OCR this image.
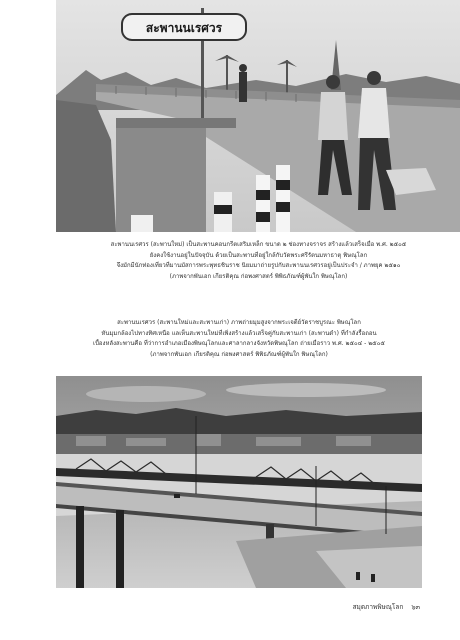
สะพานนเรศวร
สะพานนเรศวร (สะพานใหม่) เป็นสะพานคอนกรีตเสริมเหล็ก ขนาด ๒ ช่องทางจราจร สร้างแล้วเสร็จเมื่อ พ.ศ. ๒๕๐๕
ยังคงใช้งานอยู่ในปัจจุบัน ด้วยเป็นสะพานที่อยู่ใกล้กับวัดพระศรีรัตนมหาธาตุ พิษณุโลก
จึงมักมีนักท่องเที่ยวที่มานมัสการพระพุทธชินราช นิยมมาถ่ายรูปกับสะพานนเรศวรอยู่เป็นประจำ / ภาพยุค ๒๕๑๐
(ภาพจากพันเอก เกียรติคุณ ก่อพงศาสตร์ พิพิธภัณฑ์ผู้พันใก พิษณุโลก)
สะพานนเรศวร (สะพานใหม่และสะพานเก่า) ภาพถ่ายมุมสูงจากพระเจดีย์วัดราชบูรณะ พิษณุโลก
หันมุมกล้องไปทางทิศเหนือ แลเห็นสะพานใหม่ที่เพิ่งสร้างแล้วเสร็จคู่กับสะพานเก่า (สะพานดำ) ที่กำลังรื้อถอน
เบื้องหลังสะพานคือ ที่ว่าการอำเภอเมืองพิษณุโลกและศาลากลางจังหวัดพิษณุโลก ถ่ายเมื่อราว พ.ศ. ๒๕๐๔ - ๒๕๐๕
(ภาพจากพันเอก เกียรติคุณ ก่อพงศาสตร์ พิพิธภัณฑ์ผู้พันใก พิษณุโลก)
สมุดภาพพิษณุโลก ๖๓
